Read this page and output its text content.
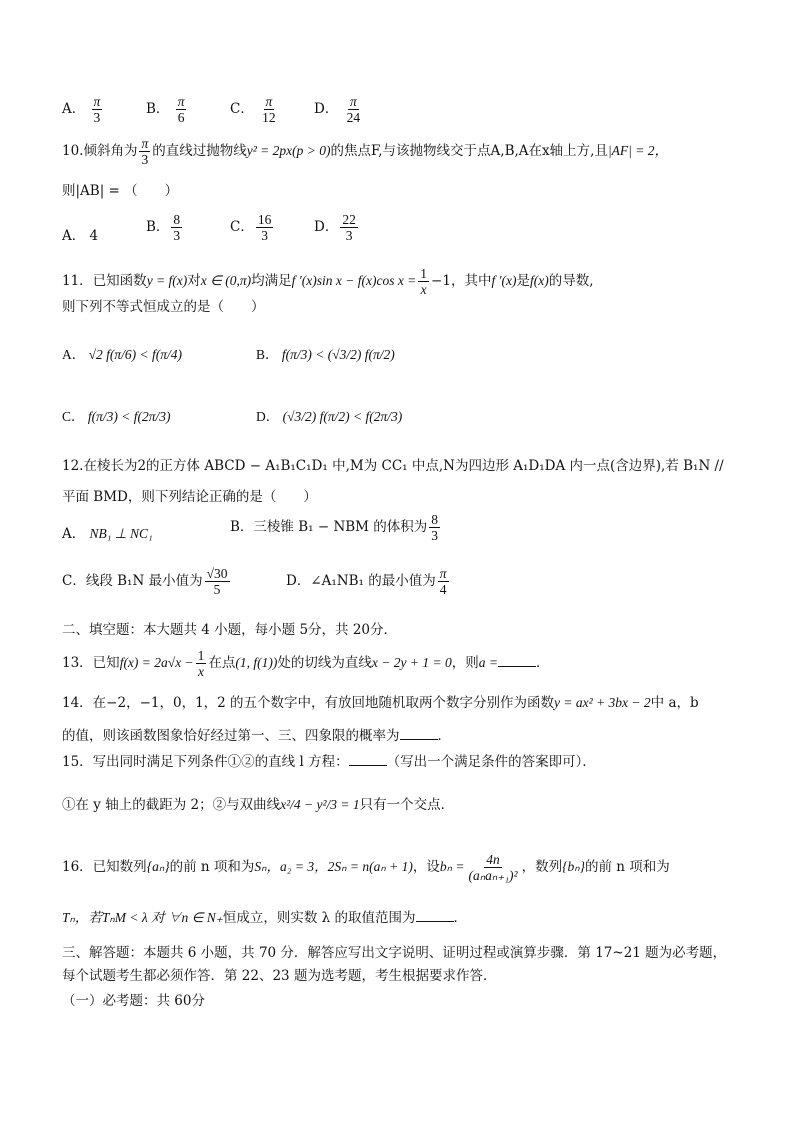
A． $\frac{\pi}{3}$	B． $\frac{\pi}{6}$	C． $\frac{\pi}{12}$	D． $\frac{\pi}{24}$
10.倾斜角为 $\frac{\pi}{3}$ 的直线过抛物线y² = 2px(p > 0)的焦点F,与该抛物线交于点A,B,A在x轴上方,且|AF| = 2，
则|AB| = （　　）
A． 4
B． $\frac{8}{3}$	C． $\frac{16}{3}$	D． $\frac{22}{3}$
11．已知函数y = f(x)对x ∈ (0,π)均满足f ′(x)sin x − f(x)cos $x = \frac{1}{x} -1$，其中f ′(x)是f(x)的导数,
则下列不等式恒成立的是（　　）
A． √2 f(π/6) < f(π/4)	B． f(π/3) < (√3/2) f(π/2)
C． f(π/3) < f(2π/3)	D． (√3/2) f(π/2) < f(2π/3)
12.在棱长为2的正方体 ABCD − A₁B₁C₁D₁ 中,M为 CC₁ 中点,N为四边形 A₁D₁DA 内一点(含边界),若 B₁N //
平面 BMD，则下列结论正确的是（　　）
A． NB₁ ⊥ NC₁	B．三棱锥 B₁ − NBM 的体积为 $\frac{8}{3}$
C．线段 B₁N 最小值为 $\frac{√30}{5}$	D．∠A₁NB₁ 的最小值为 $\frac{\pi}{4}$
二、填空题：本大题共 4 小题，每小题 5分，共 20分．
13．已知$f(x) = 2a√x - \frac{1}{x}$ 在点(1, f(1))处的切线为直线x − 2y + 1 = 0，则a =	．
14．在−2，−1，0，1，2 的五个数字中，有放回地随机取两个数字分别作为函数y = ax² + 3bx − 2中 a，b
的值，则该函数图象恰好经过第一、三、四象限的概率为	．
15．写出同时满足下列条件①②的直线 l 方程：	（写出一个满足条件的答案即可）．
①在 y 轴上的截距为 2；②与双曲线x²/4 − y²/3 = 1只有一个交点．
16．已知数列{aₙ}的前 n 项和为Sₙ，a₂ = 3，2Sₙ = n(aₙ + 1)，设$b_n = \frac{4n}{\text{(aₙaₙ₊₁)²}}$ ，数列{bₙ}的前 n 项和为
Tₙ，若TₙM < λ 对 ∀n ∈ N₊恒成立，则实数 λ 的取值范围为	．
三、解答题：本题共 6 小题，共 70 分．解答应写出文字说明、证明过程或演算步骤．第 17~21 题为必考题，
每个试题考生都必须作答．第 22、23 题为选考题，考生根据要求作答．
（一）必考题：共 60分
